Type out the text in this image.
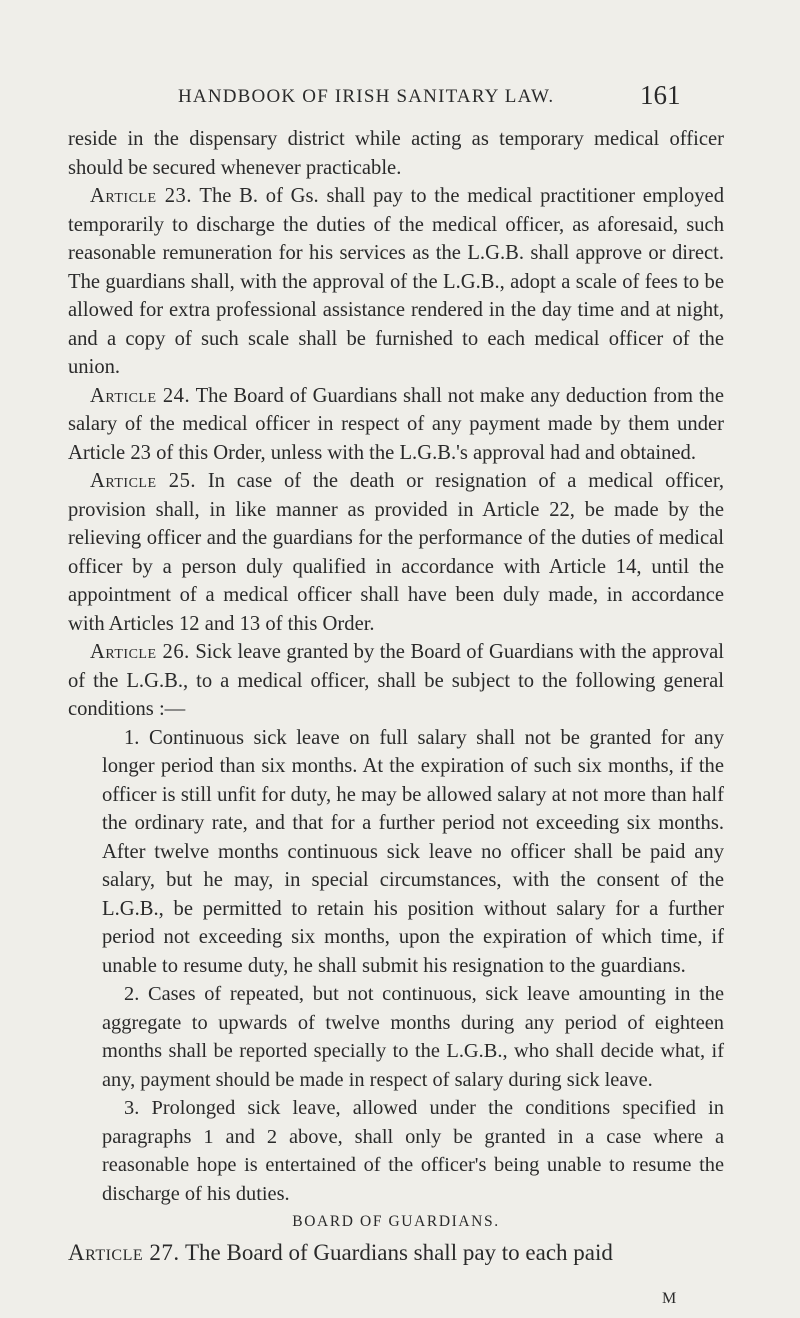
HANDBOOK OF IRISH SANITARY LAW.	161

reside in the dispensary district while acting as temporary medical officer should be secured whenever practicable.

Article 23. The B. of Gs. shall pay to the medical practitioner employed temporarily to discharge the duties of the medical officer, as aforesaid, such reasonable remuneration for his services as the L.G.B. shall approve or direct. The guardians shall, with the approval of the L.G.B., adopt a scale of fees to be allowed for extra professional assistance rendered in the day time and at night, and a copy of such scale shall be furnished to each medical officer of the union.

Article 24. The Board of Guardians shall not make any deduction from the salary of the medical officer in respect of any payment made by them under Article 23 of this Order, unless with the L.G.B.'s approval had and obtained.

Article 25. In case of the death or resignation of a medical officer, provision shall, in like manner as provided in Article 22, be made by the relieving officer and the guardians for the performance of the duties of medical officer by a person duly qualified in accordance with Article 14, until the appointment of a medical officer shall have been duly made, in accordance with Articles 12 and 13 of this Order.

Article 26. Sick leave granted by the Board of Guardians with the approval of the L.G.B., to a medical officer, shall be subject to the following general conditions :—

1. Continuous sick leave on full salary shall not be granted for any longer period than six months. At the expiration of such six months, if the officer is still unfit for duty, he may be allowed salary at not more than half the ordinary rate, and that for a further period not exceeding six months. After twelve months continuous sick leave no officer shall be paid any salary, but he may, in special circumstances, with the consent of the L.G.B., be permitted to retain his position without salary for a further period not exceeding six months, upon the expiration of which time, if unable to resume duty, he shall submit his resignation to the guardians.

2. Cases of repeated, but not continuous, sick leave amounting in the aggregate to upwards of twelve months during any period of eighteen months shall be reported specially to the L.G.B., who shall decide what, if any, payment should be made in respect of salary during sick leave.

3. Prolonged sick leave, allowed under the conditions specified in paragraphs 1 and 2 above, shall only be granted in a case where a reasonable hope is entertained of the officer's being unable to resume the discharge of his duties.

BOARD OF GUARDIANS.

Article 27. The Board of Guardians shall pay to each paid

M
